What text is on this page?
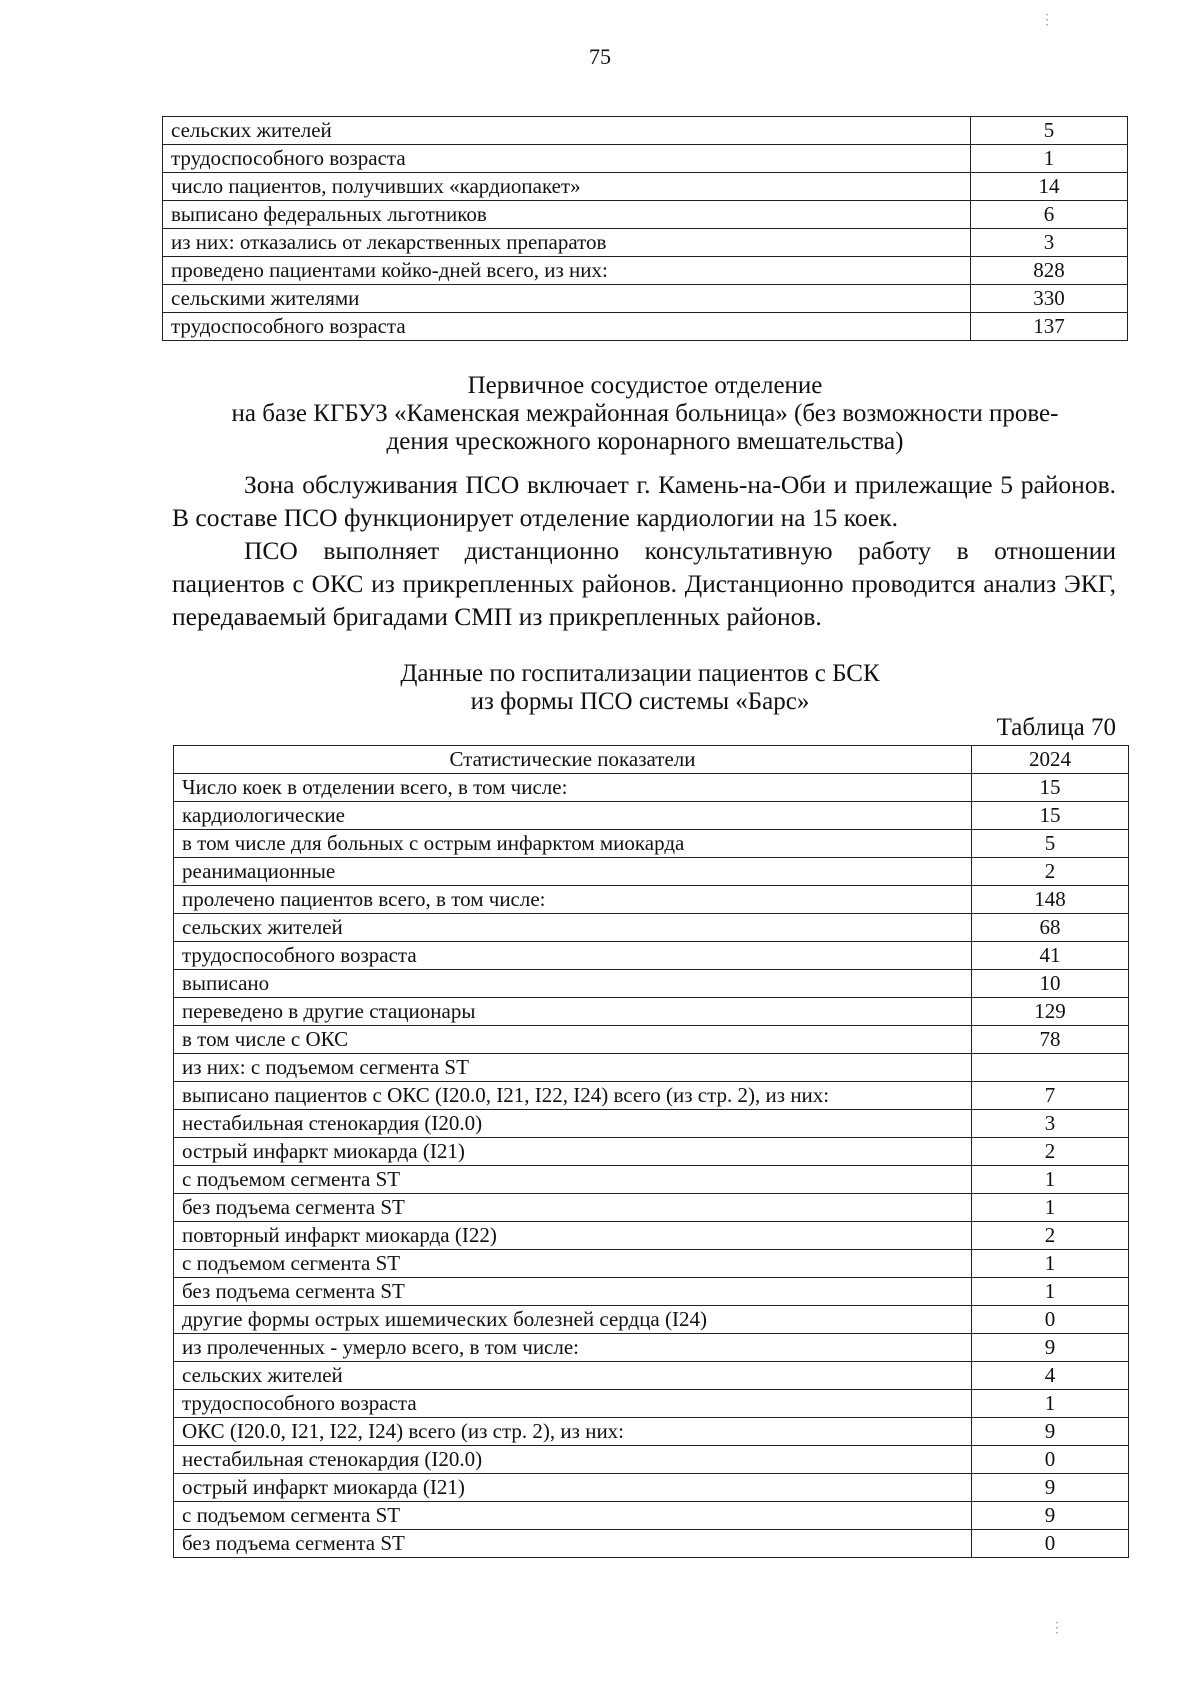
75
сельских жителей	5
трудоспособного возраста	1
число пациентов, получивших «кардиопакет»	14
выписано федеральных льготников	6
из них: отказались от лекарственных препаратов	3
проведено пациентами койко-дней всего, из них:	828
сельскими жителями	330
трудоспособного возраста	137
Первичное сосудистое отделение
на базе КГБУЗ «Каменская межрайонная больница» (без возможности прове-
дения чрескожного коронарного вмешательства)

Зона обслуживания ПСО включает г. Камень-на-Оби и прилежащие 5 районов. В составе ПСО функционирует отделение кардиологии на 15 коек.

ПСО выполняет дистанционно консультативную работу в отношении пациентов с ОКС из прикрепленных районов. Дистанционно проводится анализ ЭКГ, передаваемый бригадами СМП из прикрепленных районов.

Данные по госпитализации пациентов с БСК
из формы ПСО системы «Барс»
Таблица 70
Статистические показатели	2024
Число коек в отделении всего, в том числе:	15
кардиологические	15
в том числе для больных с острым инфарктом миокарда	5
реанимационные	2
пролечено пациентов всего, в том числе:	148
сельских жителей	68
трудоспособного возраста	41
выписано	10
переведено в другие стационары	129
в том числе с ОКС	78
из них: с подъемом сегмента ST	
выписано пациентов с ОКС (I20.0, I21, I22, I24) всего (из стр. 2), из них:	7
нестабильная стенокардия (I20.0)	3
острый инфаркт миокарда (I21)	2
с подъемом сегмента ST	1
без подъема сегмента ST	1
повторный инфаркт миокарда (I22)	2
с подъемом сегмента ST	1
без подъема сегмента ST	1
другие формы острых ишемических болезней сердца (I24)	0
из пролеченных - умерло всего, в том числе:	9
сельских жителей	4
трудоспособного возраста	1
ОКС (I20.0, I21, I22, I24) всего (из стр. 2), из них:	9
нестабильная стенокардия (I20.0)	0
острый инфаркт миокарда (I21)	9
с подъемом сегмента ST	9
без подъема сегмента ST	0
⋮
⋮
